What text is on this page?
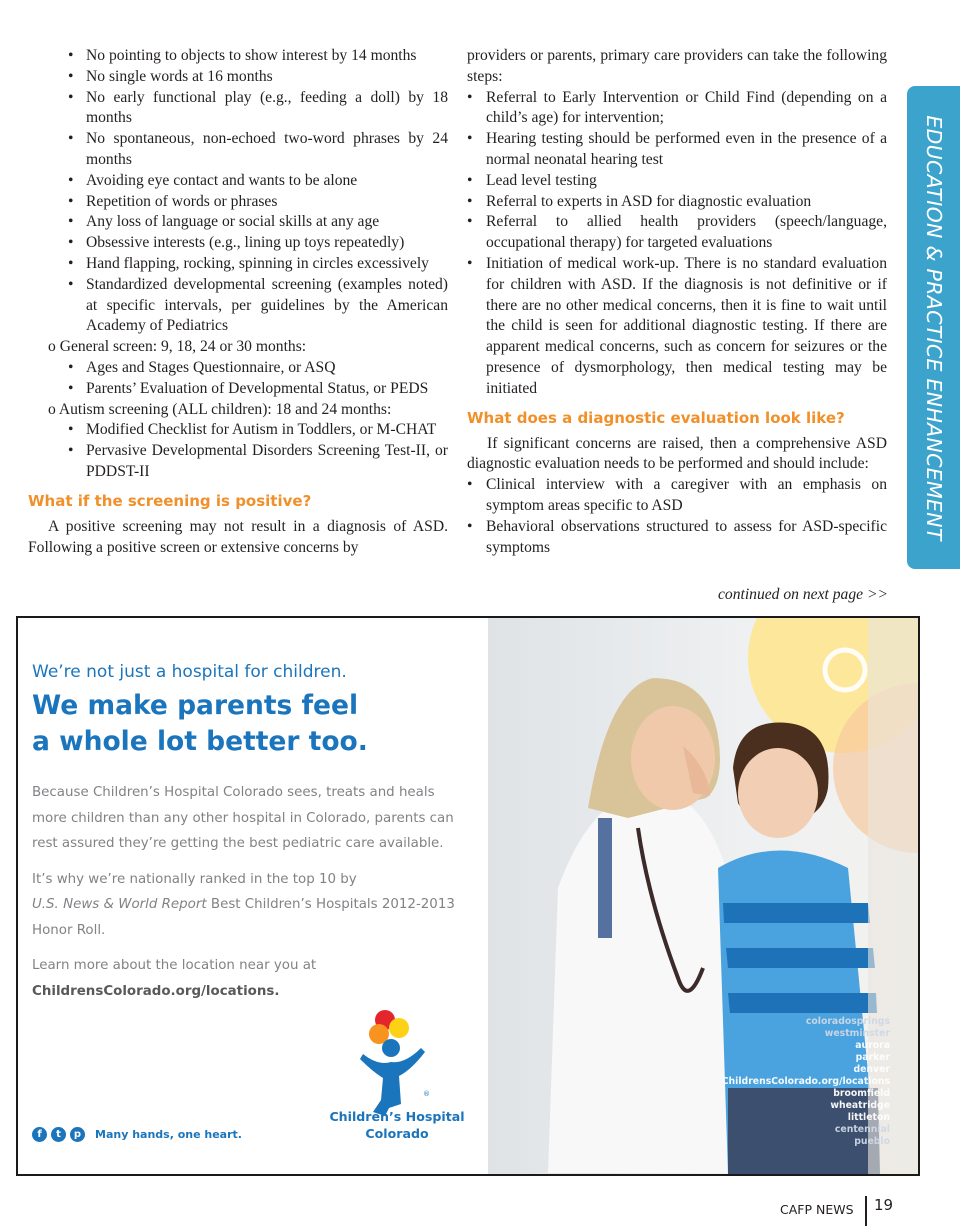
• No pointing to objects to show interest by 14 months
• No single words at 16 months
• No early functional play (e.g., feeding a doll) by 18 months
• No spontaneous, non-echoed two-word phrases by 24 months
• Avoiding eye contact and wants to be alone
• Repetition of words or phrases
• Any loss of language or social skills at any age
• Obsessive interests (e.g., lining up toys repeatedly)
• Hand flapping, rocking, spinning in circles excessively
• Standardized developmental screening (examples noted) at specific intervals, per guidelines by the American Academy of Pediatrics

o General screen: 9, 18, 24 or 30 months:

• Ages and Stages Questionnaire, or ASQ
• Parents’ Evaluation of Developmental Status, or PEDS

o Autism screening (ALL children): 18 and 24 months:

• Modified Checklist for Autism in Toddlers, or M-CHAT
• Pervasive Developmental Disorders Screening Test-II, or PDDST-II

What if the screening is positive?

A positive screening may not result in a diagnosis of ASD. Following a positive screen or extensive concerns by

providers or parents, primary care providers can take the following steps:

• Referral to Early Intervention or Child Find (depending on a child’s age) for intervention;
• Hearing testing should be performed even in the presence of a normal neonatal hearing test
• Lead level testing
• Referral to experts in ASD for diagnostic evaluation
• Referral to allied health providers (speech/language, occupational therapy) for targeted evaluations
• Initiation of medical work-up. There is no standard evaluation for children with ASD. If the diagnosis is not definitive or if there are no other medical concerns, then it is fine to wait until the child is seen for additional diagnostic testing. If there are apparent medical concerns, such as concern for seizures or the presence of dysmorphology, then medical testing may be initiated

What does a diagnostic evaluation look like?

If significant concerns are raised, then a comprehensive ASD diagnostic evaluation needs to be performed and should include:

• Clinical interview with a caregiver with an emphasis on symptom areas specific to ASD
• Behavioral observations structured to assess for ASD-specific symptoms
continued on next page >>
EDUCATION & PRACTICE ENHANCEMENT
We’re not just a hospital for children.
We make parents feel
a whole lot better too.

Because Children’s Hospital Colorado sees, treats and heals more children than any other hospital in Colorado, parents can rest assured they’re getting the best pediatric care available.

It’s why we’re nationally ranked in the top 10 by
U.S. News & World Report Best Children’s Hospitals 2012-2013 Honor Roll.

Learn more about the location near you at ChildrensColorado.org/locations.

®
Children’s Hospital
Colorado
f	t	p	Many hands, one heart.
coloradosprings
westminster
aurora
parker
denver
ChildrensColorado.org/locations
broomfield
wheatridge
littleton
centennial
pueblo
CAFP NEWS 19
